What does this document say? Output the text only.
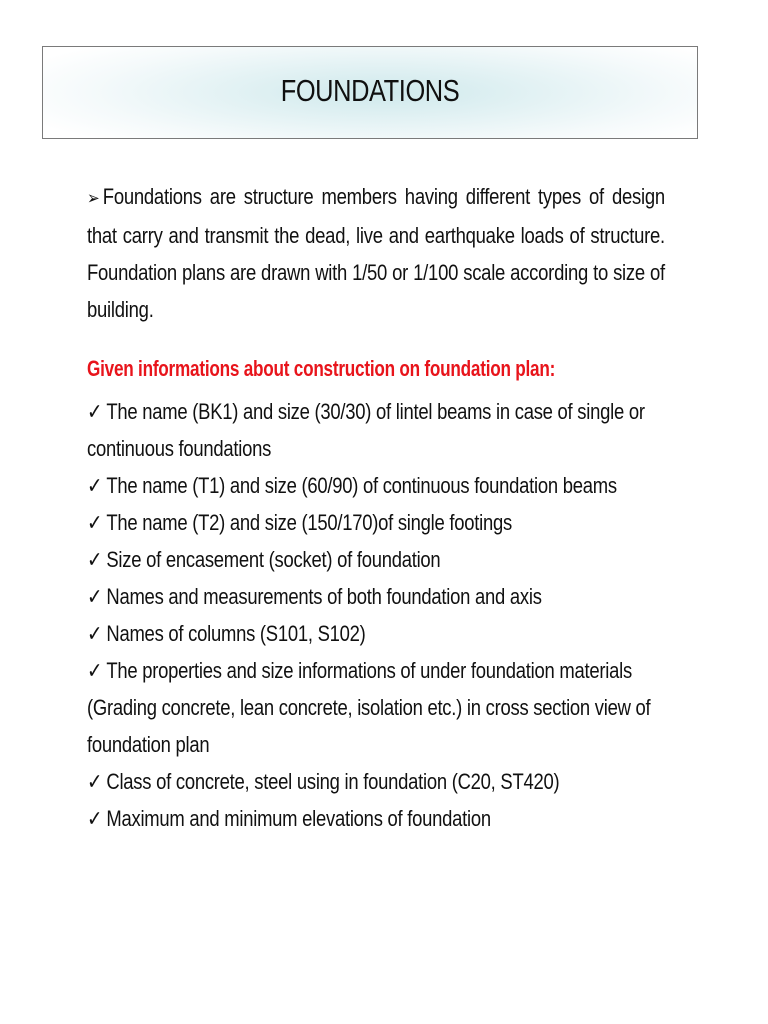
FOUNDATIONS
➢ Foundations are structure members having different types of design that carry and transmit the dead, live and earthquake loads of structure. Foundation plans are drawn with 1/50 or 1/100 scale according to size of building.
Given informations about construction on foundation plan:
✓ The name (BK1) and size (30/30) of lintel beams in case of single or continuous foundations
✓ The name (T1) and size (60/90) of continuous foundation beams
✓ The name (T2) and size (150/170)of single footings
✓ Size of encasement (socket) of foundation
✓ Names and measurements of both foundation and axis
✓ Names of columns (S101, S102)
✓ The properties and size informations of under foundation materials (Grading concrete, lean concrete, isolation etc.) in cross section view of foundation plan
✓ Class of concrete, steel using in foundation (C20, ST420)
✓ Maximum and minimum elevations of foundation
